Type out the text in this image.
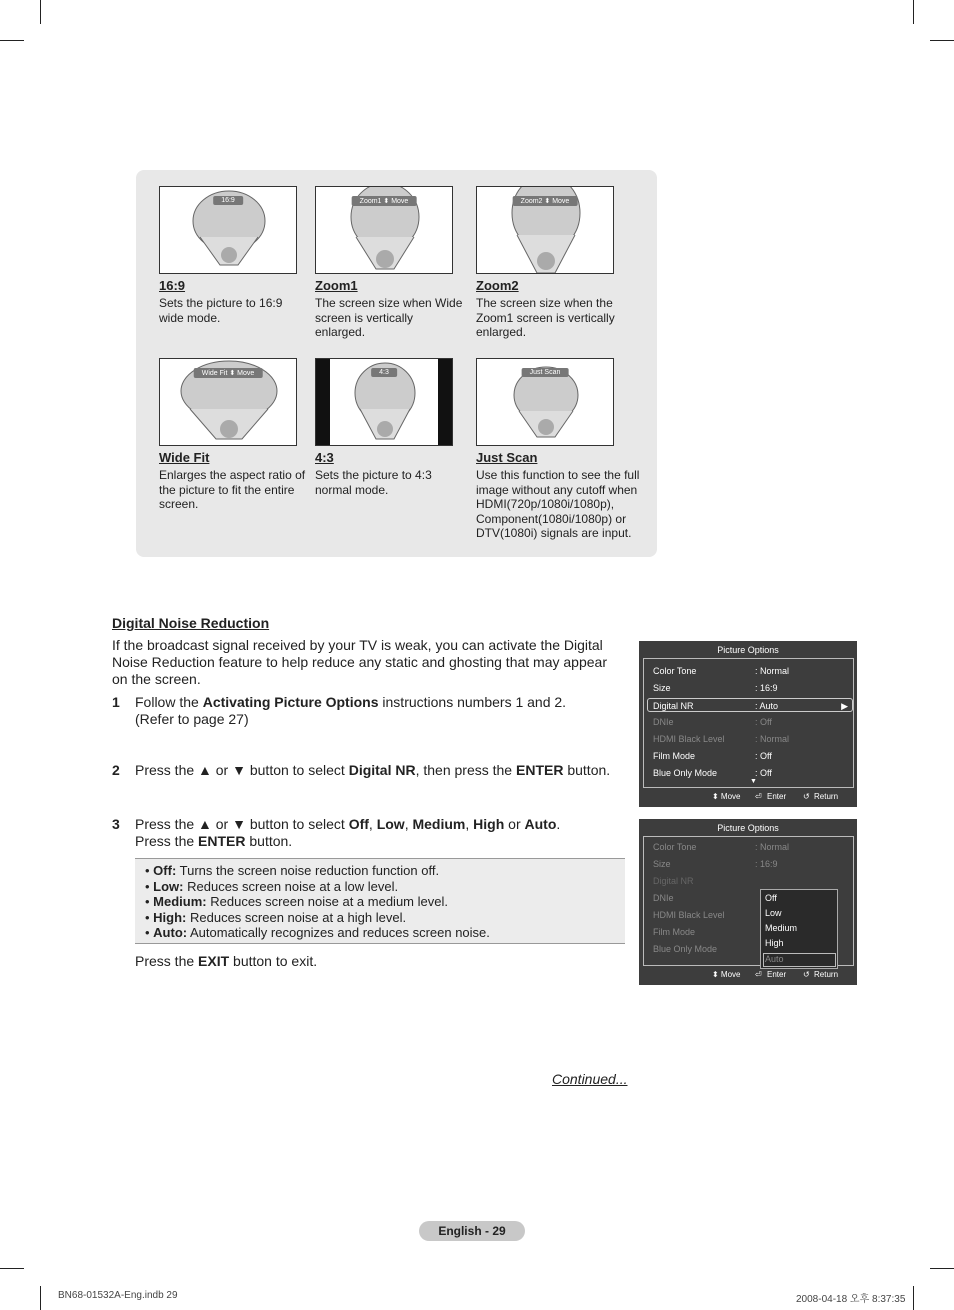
16:9
16:9
Sets the picture to 16:9 wide mode.
Zoom1 ⬍ Move
Zoom1
The screen size when Wide screen is vertically enlarged.
Zoom2 ⬍ Move
Zoom2
The screen size when the Zoom1 screen is vertically enlarged.
Wide Fit ⬍ Move
Wide Fit
Enlarges the aspect ratio of the picture to fit the entire screen.
4:3
4:3
Sets the picture to 4:3 normal mode.
Just Scan
Just Scan
Use this function to see the full image without any cutoff when HDMI(720p/1080i/1080p), Component(1080i/1080p) or DTV(1080i) signals are input.
Digital Noise Reduction
If the broadcast signal received by your TV is weak, you can activate the Digital Noise Reduction feature to help reduce any static and ghosting that may appear on the screen.
1 Follow the Activating Picture Options instructions numbers 1 and 2.
(Refer to page 27)
2 Press the ▲ or ▼ button to select Digital NR, then press the ENTER button.
3 Press the ▲ or ▼ button to select Off, Low, Medium, High or Auto.
Press the ENTER button.
• Off: Turns the screen noise reduction function off.
• Low: Reduces screen noise at a low level.
• Medium: Reduces screen noise at a medium level.
• High: Reduces screen noise at a high level.
• Auto: Automatically recognizes and reduces screen noise.
Press the EXIT button to exit.
Picture Options
Color Tone	: Normal
Size	: 16:9
Digital NR	: Auto	▶
DNIe	: Off
HDMI Black Level	: Normal
Film Mode	: Off
Blue Only Mode	: Off
▼
⬍ Move ⏎ Enter ↺ Return
Picture Options
Color Tone	: Normal
Size	: 16:9
Digital NR
DNIe
HDMI Black Level
Film Mode
Blue Only Mode
Off
Low
Medium
High
Auto
⬍ Move ⏎ Enter ↺ Return
Continued...
English - 29
BN68-01532A-Eng.indb 29	2008-04-18 오후 8:37:35
